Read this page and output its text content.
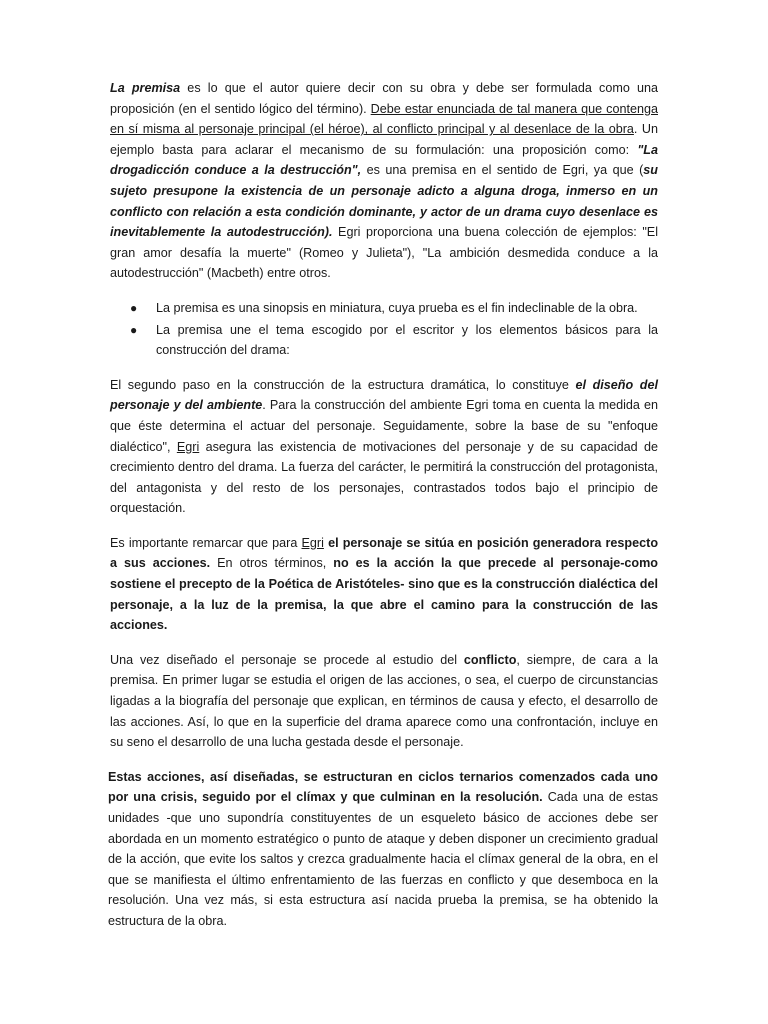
La premisa es lo que el autor quiere decir con su obra y debe ser formulada como una proposición (en el sentido lógico del término). Debe estar enunciada de tal manera que contenga en sí misma al personaje principal (el héroe), al conflicto principal y al desenlace de la obra. Un ejemplo basta para aclarar el mecanismo de su formulación: una proposición como: "La drogadicción conduce a la destrucción", es una premisa en el sentido de Egri, ya que (su sujeto presupone la existencia de un personaje adicto a alguna droga, inmerso en un conflicto con relación a esta condición dominante, y actor de un drama cuyo desenlace es inevitablemente la autodestrucción). Egri proporciona una buena colección de ejemplos: "El gran amor desafía la muerte" (Romeo y Julieta"), "La ambición desmedida conduce a la autodestrucción" (Macbeth) entre otros.

● La premisa es una sinopsis en miniatura, cuya prueba es el fin indeclinable de la obra.
● La premisa une el tema escogido por el escritor y los elementos básicos para la construcción del drama:

El segundo paso en la construcción de la estructura dramática, lo constituye el diseño del personaje y del ambiente. Para la construcción del ambiente Egri toma en cuenta la medida en que éste determina el actuar del personaje. Seguidamente, sobre la base de su "enfoque dialéctico", Egri asegura las existencia de motivaciones del personaje y de su capacidad de crecimiento dentro del drama. La fuerza del carácter, le permitirá la construcción del protagonista, del antagonista y del resto de los personajes, contrastados todos bajo el principio de orquestación.

Es importante remarcar que para Egri el personaje se sitúa en posición generadora respecto a sus acciones. En otros términos, no es la acción la que precede al personaje-como sostiene el precepto de la Poética de Aristóteles- sino que es la construcción dialéctica del personaje, a la luz de la premisa, la que abre el camino para la construcción de las acciones.

Una vez diseñado el personaje se procede al estudio del conflicto, siempre, de cara a la premisa. En primer lugar se estudia el origen de las acciones, o sea, el cuerpo de circunstancias ligadas a la biografía del personaje que explican, en términos de causa y efecto, el desarrollo de las acciones. Así, lo que en la superficie del drama aparece como una confrontación, incluye en su seno el desarrollo de una lucha gestada desde el personaje.

Estas acciones, así diseñadas, se estructuran en ciclos ternarios comenzados cada uno por una crisis, seguido por el clímax y que culminan en la resolución. Cada una de estas unidades -que uno supondría constituyentes de un esqueleto básico de acciones debe ser abordada en un momento estratégico o punto de ataque y deben disponer un crecimiento gradual de la acción, que evite los saltos y crezca gradualmente hacia el clímax general de la obra, en el que se manifiesta el último enfrentamiento de las fuerzas en conflicto y que desemboca en la resolución. Una vez más, si esta estructura así nacida prueba la premisa, se ha obtenido la estructura de la obra.
